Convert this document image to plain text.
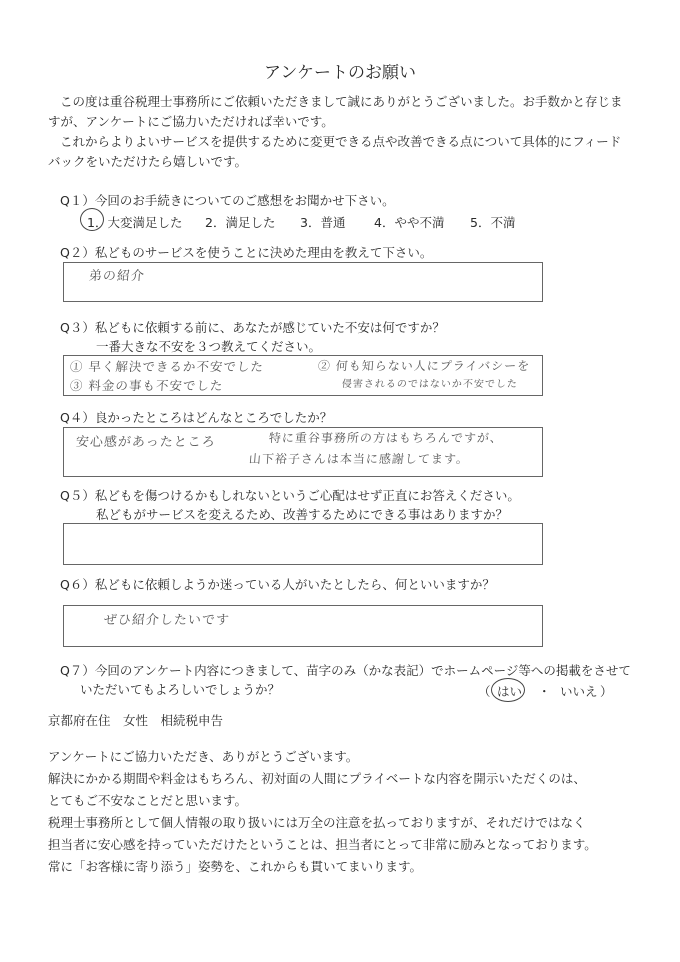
アンケートのお願い
この度は重谷税理士事務所にご依頼いただきまして誠にありがとうございました。お手数かと存じま
すが、アンケートにご協力いただければ幸いです。
これからよりよいサービスを提供するために変更できる点や改善できる点について具体的にフィード
バックをいただけたら嬉しいです。
Q１）今回のお手続きについてのご感想をお聞かせ下さい。
1．大変満足した 2．満足した 3．普通 4．やや不満 5．不満
Q２）私どものサービスを使うことに決めた理由を教えて下さい。
弟の紹介
Q３）私どもに依頼する前に、あなたが感じていた不安は何ですか？
一番大きな不安を３つ教えてください。
① 早く解決できるか不安でした
③ 料金の事も不安でした
② 何も知らない人にプライバシーを
侵害されるのではないか不安でした
Q４）良かったところはどんなところでしたか？
安心感があったところ	特に重谷事務所の方はもちろんですが、
山下裕子さんは本当に感謝してます。
Q５）私どもを傷つけるかもしれないというご心配はせず正直にお答えください。
私どもがサービスを変えるため、改善するためにできる事はありますか？
Q６）私どもに依頼しようか迷っている人がいたとしたら、何といいますか？
ぜひ紹介したいです
Q７）今回のアンケート内容につきまして、苗字のみ（かな表記）でホームページ等への掲載をさせて
いただいてもよろしいでしょうか？	（ はい ・ いいえ ）
京都府在住　女性　相続税申告
アンケートにご協力いただき、ありがとうございます。
解決にかかる期間や料金はもちろん、初対面の人間にプライベートな内容を開示いただくのは、
とてもご不安なことだと思います。
税理士事務所として個人情報の取り扱いには万全の注意を払っておりますが、それだけではなく
担当者に安心感を持っていただけたということは、担当者にとって非常に励みとなっております。
常に「お客様に寄り添う」姿勢を、これからも貫いてまいります。
